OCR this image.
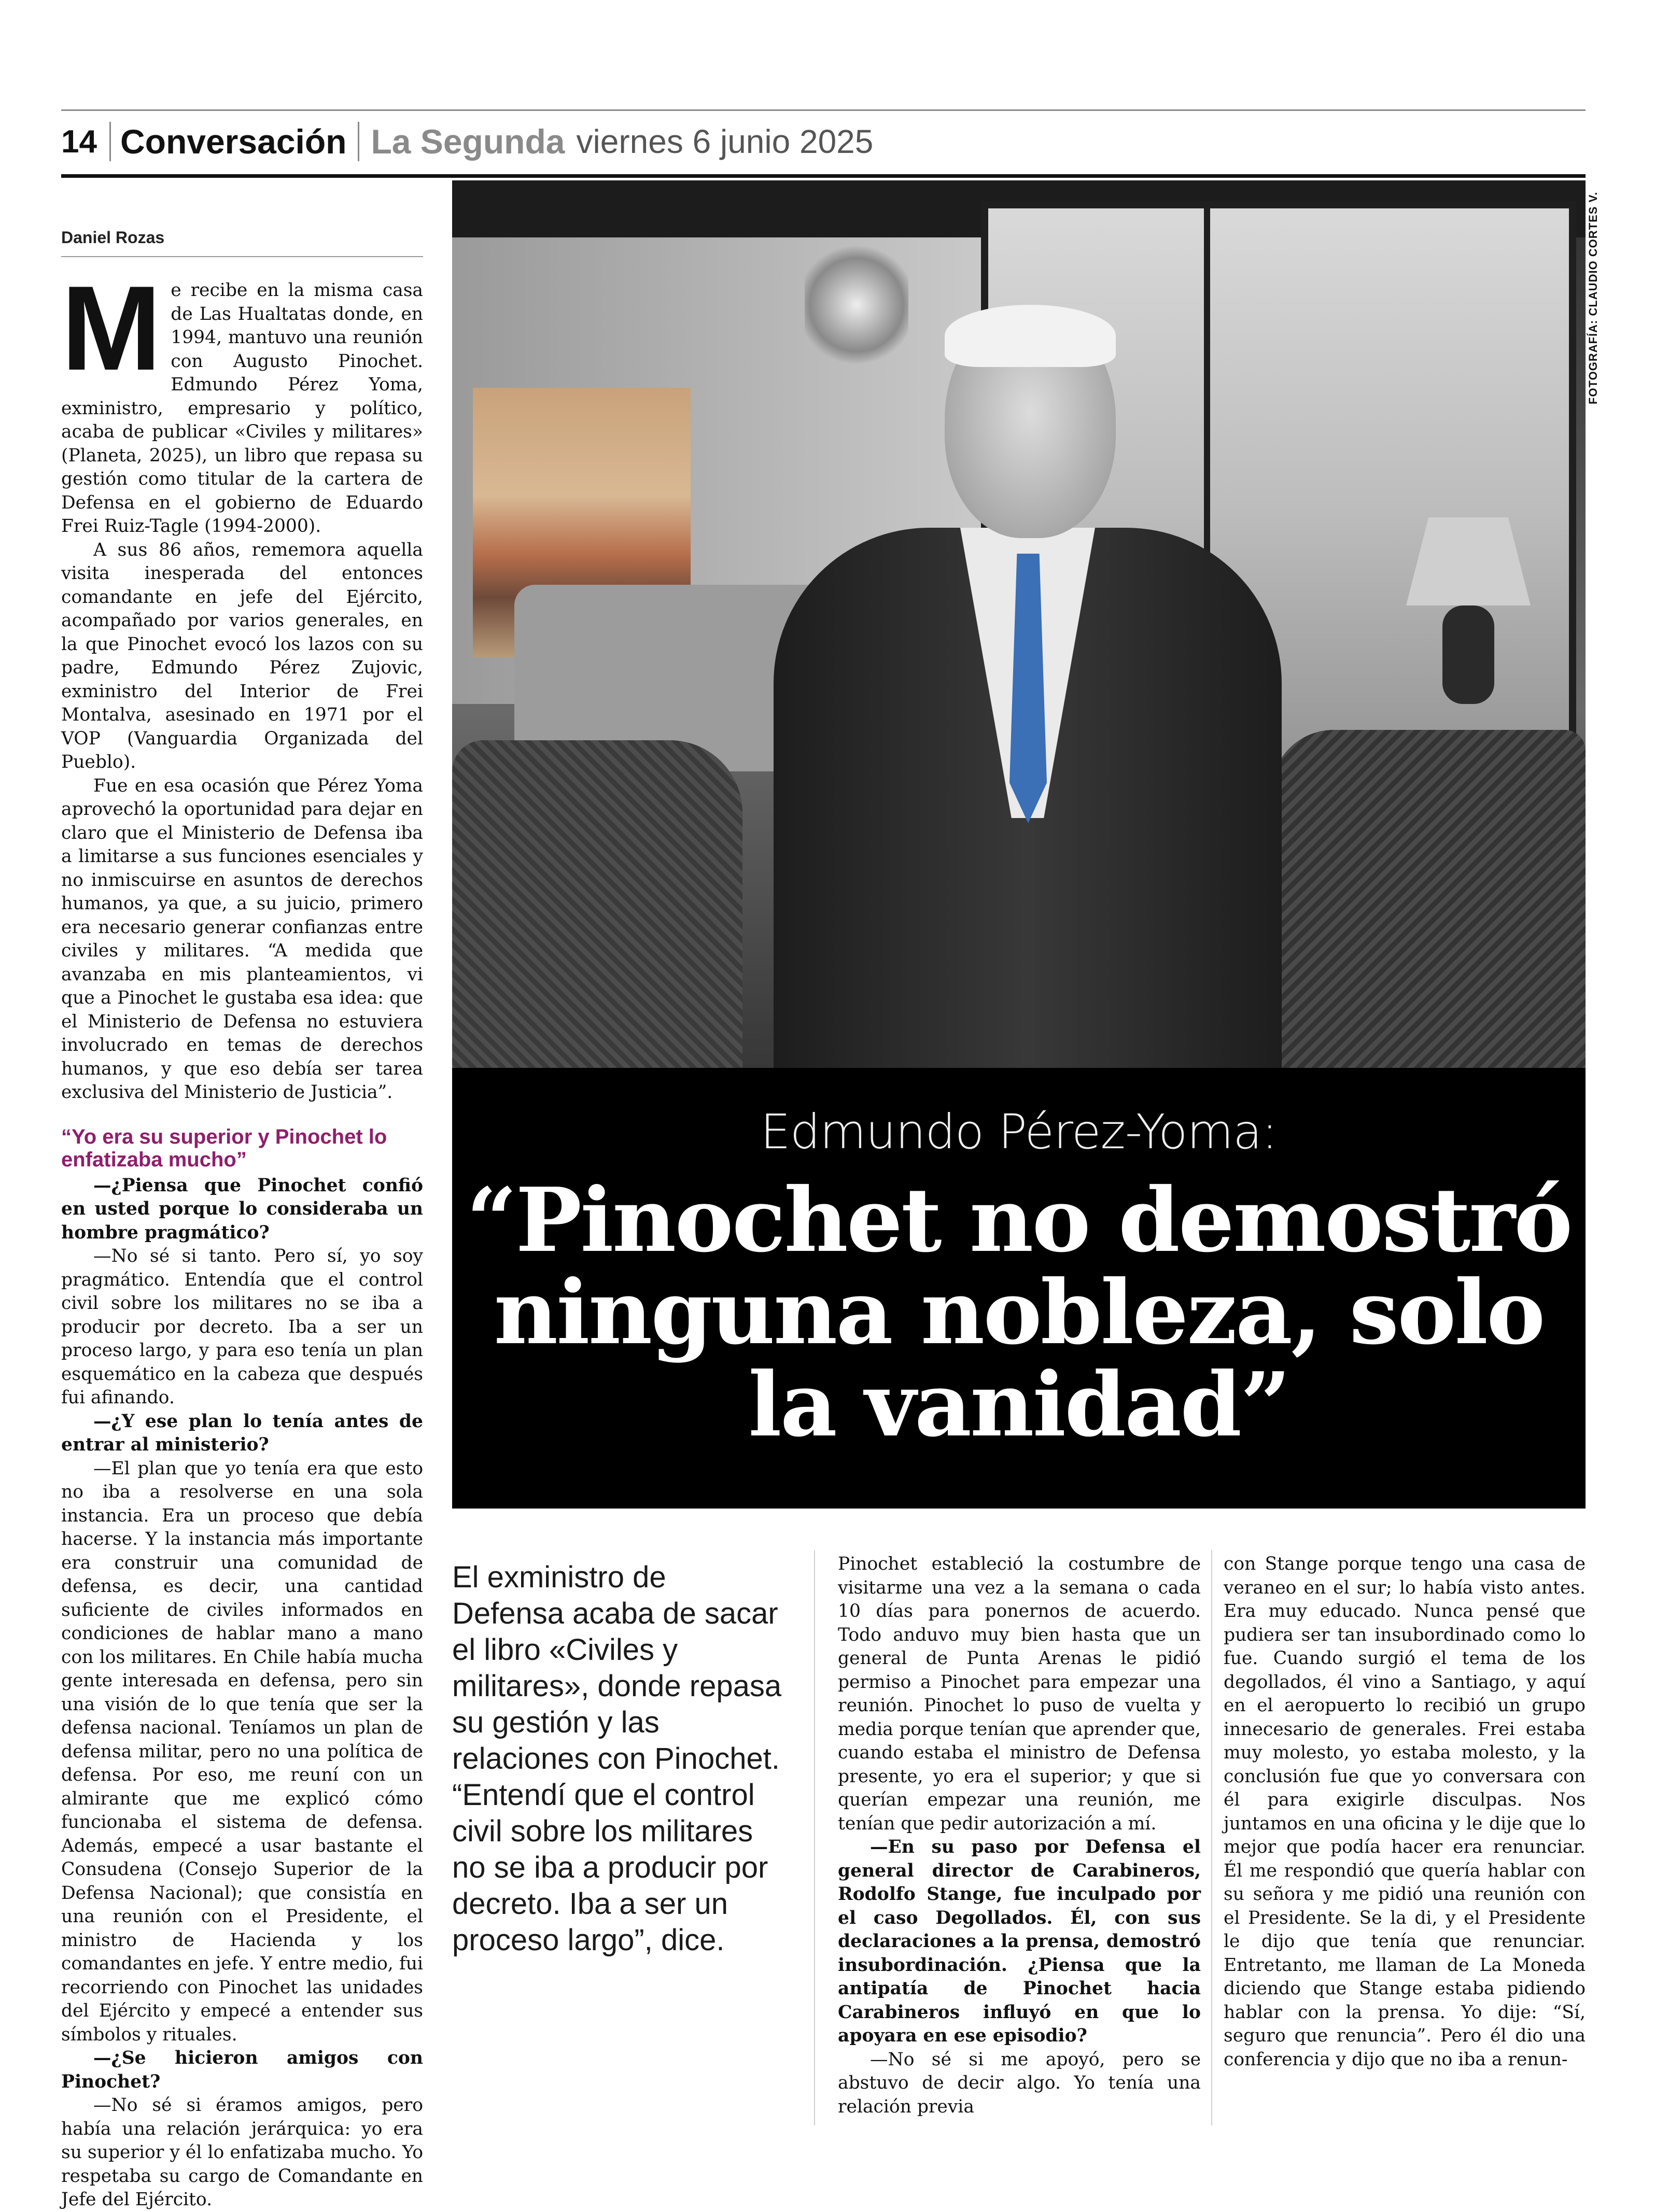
14 Conversación La Segunda viernes 6 junio 2025
Daniel Rozas

Me recibe en la misma casa de Las Hualtatas donde, en 1994, mantuvo una reunión con Augusto Pinochet. Edmundo Pérez Yoma, exministro, empresario y político, acaba de publicar «Civiles y militares» (Planeta, 2025), un libro que repasa su gestión como titular de la cartera de Defensa en el gobierno de Eduardo Frei Ruiz-Tagle (1994-2000).

A sus 86 años, rememora aquella visita inesperada del entonces comandante en jefe del Ejército, acompañado por varios generales, en la que Pinochet evocó los lazos con su padre, Edmundo Pérez Zujovic, exministro del Interior de Frei Montalva, asesinado en 1971 por el VOP (Vanguardia Organizada del Pueblo).

Fue en esa ocasión que Pérez Yoma aprovechó la oportunidad para dejar en claro que el Ministerio de Defensa iba a limitarse a sus funciones esenciales y no inmiscuirse en asuntos de derechos humanos, ya que, a su juicio, primero era necesario generar confianzas entre civiles y militares. “A medida que avanzaba en mis planteamientos, vi que a Pinochet le gustaba esa idea: que el Ministerio de Defensa no estuviera involucrado en temas de derechos humanos, y que eso debía ser tarea exclusiva del Ministerio de Justicia”.

“Yo era su superior y Pinochet lo enfatizaba mucho”

—¿Piensa que Pinochet confió en usted porque lo consideraba un hombre pragmático?

—No sé si tanto. Pero sí, yo soy pragmático. Entendía que el control civil sobre los militares no se iba a producir por decreto. Iba a ser un proceso largo, y para eso tenía un plan esquemático en la cabeza que después fui afinando.

—¿Y ese plan lo tenía antes de entrar al ministerio?

—El plan que yo tenía era que esto no iba a resolverse en una sola instancia. Era un proceso que debía hacerse. Y la instancia más importante era construir una comunidad de defensa, es decir, una cantidad suficiente de civiles informados en condiciones de hablar mano a mano con los militares. En Chile había mucha gente interesada en defensa, pero sin una visión de lo que tenía que ser la defensa nacional. Teníamos un plan de defensa militar, pero no una política de defensa. Por eso, me reuní con un almirante que me explicó cómo funcionaba el sistema de defensa. Además, empecé a usar bastante el Consudena (Consejo Superior de la Defensa Nacional); que consistía en una reunión con el Presidente, el ministro de Hacienda y los comandantes en jefe. Y entre medio, fui recorriendo con Pinochet las unidades del Ejército y empecé a entender sus símbolos y rituales.

—¿Se hicieron amigos con Pinochet?

—No sé si éramos amigos, pero había una relación jerárquica: yo era su superior y él lo enfatizaba mucho. Yo respetaba su cargo de Comandante en Jefe del Ejército.

FOTOGRAFÍA: CLAUDIO CORTES V.
Edmundo Pérez-Yoma:
“Pinochet no demostró
ninguna nobleza, solo
la vanidad”
El exministro de Defensa acaba de sacar el libro «Civiles y militares», donde repasa su gestión y las relaciones con Pinochet. “Entendí que el control civil sobre los militares no se iba a producir por decreto. Iba a ser un proceso largo”, dice.

Pinochet estableció la costumbre de visitarme una vez a la semana o cada 10 días para ponernos de acuerdo. Todo anduvo muy bien hasta que un general de Punta Arenas le pidió permiso a Pinochet para empezar una reunión. Pinochet lo puso de vuelta y media porque tenían que aprender que, cuando estaba el ministro de Defensa presente, yo era el superior; y que si querían empezar una reunión, me tenían que pedir autorización a mí.

—En su paso por Defensa el general director de Carabineros, Rodolfo Stange, fue inculpado por el caso Degollados. Él, con sus declaraciones a la prensa, demostró insubordinación. ¿Piensa que la antipatía de Pinochet hacia Carabineros influyó en que lo apoyara en ese episodio?

—No sé si me apoyó, pero se abstuvo de decir algo. Yo tenía una relación previa

con Stange porque tengo una casa de veraneo en el sur; lo había visto antes. Era muy educado. Nunca pensé que pudiera ser tan insubordinado como lo fue. Cuando surgió el tema de los degollados, él vino a Santiago, y aquí en el aeropuerto lo recibió un grupo innecesario de generales. Frei estaba muy molesto, yo estaba molesto, y la conclusión fue que yo conversara con él para exigirle disculpas. Nos juntamos en una oficina y le dije que lo mejor que podía hacer era renunciar. Él me respondió que quería hablar con su señora y me pidió una reunión con el Presidente. Se la di, y el Presidente le dijo que tenía que renunciar. Entretanto, me llaman de La Moneda diciendo que Stange estaba pidiendo hablar con la prensa. Yo dije: “Sí, seguro que renuncia”. Pero él dio una conferencia y dijo que no iba a renun-
